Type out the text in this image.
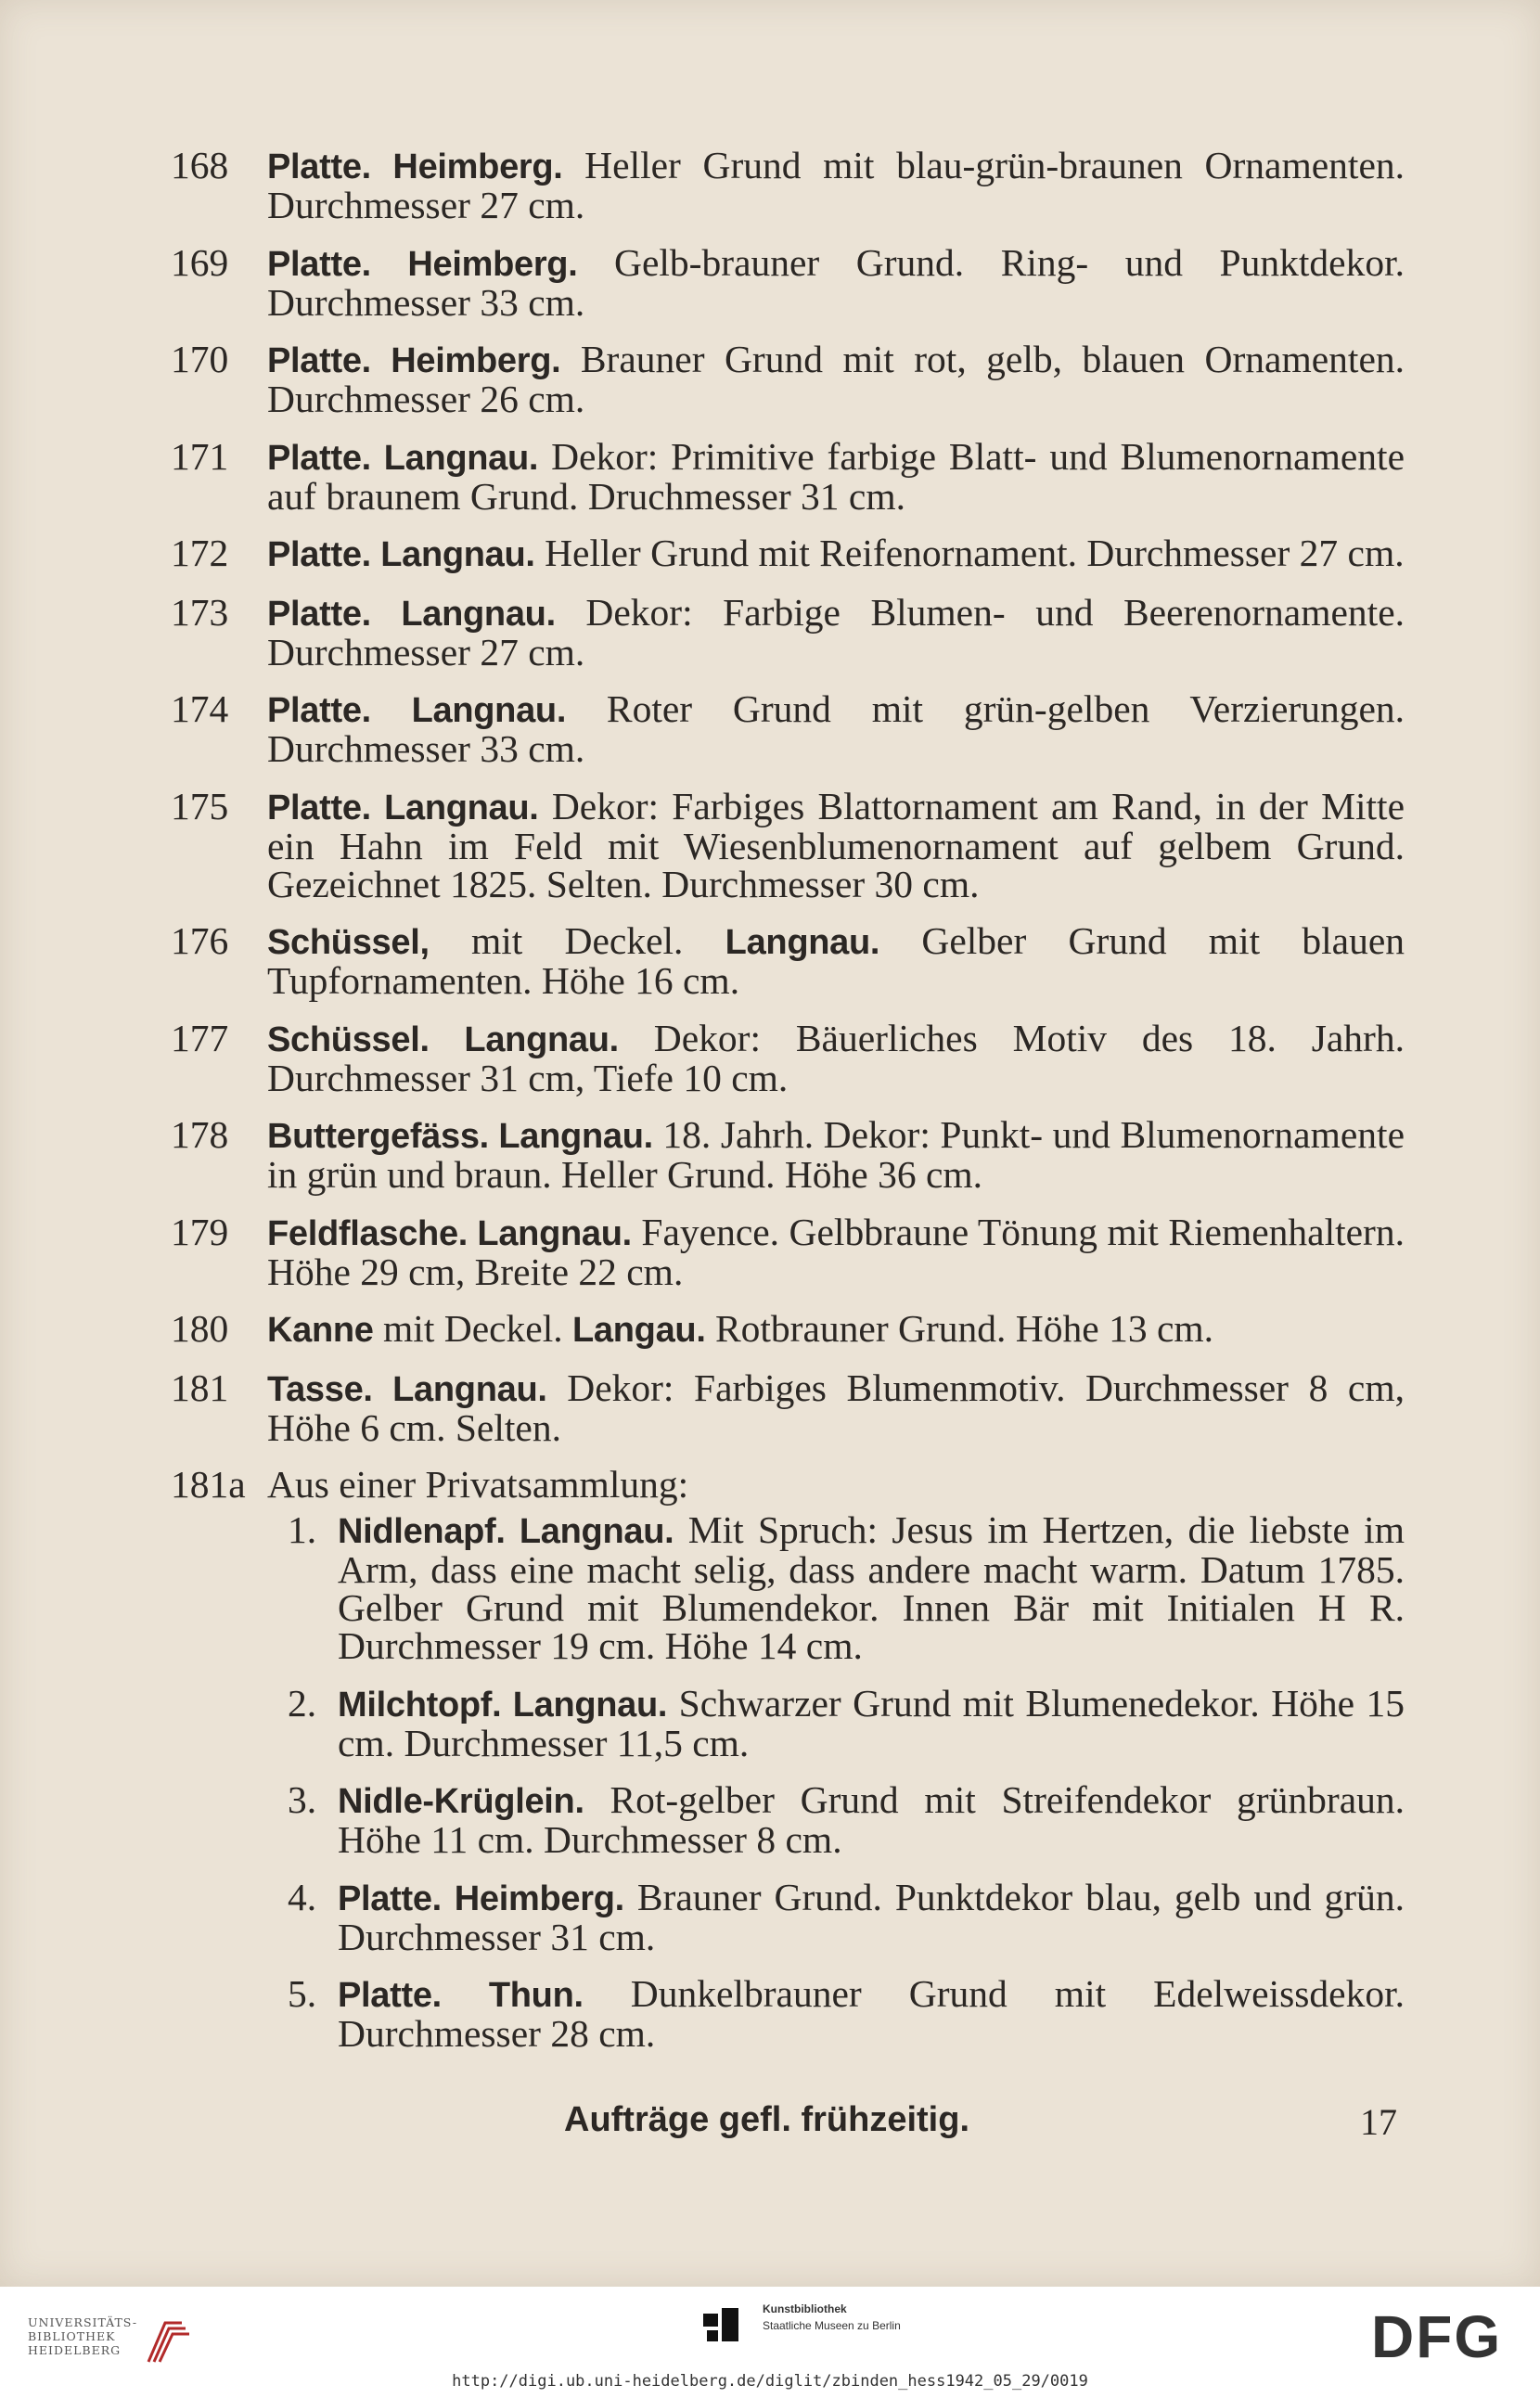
168	Platte. Heimberg. Heller Grund mit blau-grün-braunen Ornamenten. Durchmesser 27 cm.
169	Platte. Heimberg. Gelb-brauner Grund. Ring- und Punktdekor. Durchmesser 33 cm.
170	Platte. Heimberg. Brauner Grund mit rot, gelb, blauen Ornamenten. Durchmesser 26 cm.
171	Platte. Langnau. Dekor: Primitive farbige Blatt- und Blumenornamente auf braunem Grund. Druchmesser 31 cm.
172	Platte. Langnau. Heller Grund mit Reifenornament. Durchmesser 27 cm.
173	Platte. Langnau. Dekor: Farbige Blumen- und Beerenornamente. Durchmesser 27 cm.
174	Platte. Langnau. Roter Grund mit grün-gelben Verzierungen. Durchmesser 33 cm.
175	Platte. Langnau. Dekor: Farbiges Blattornament am Rand, in der Mitte ein Hahn im Feld mit Wiesenblumenornament auf gelbem Grund. Gezeichnet 1825. Selten. Durchmesser 30 cm.
176	Schüssel, mit Deckel. Langnau. Gelber Grund mit blauen Tupfornamenten. Höhe 16 cm.
177	Schüssel. Langnau. Dekor: Bäuerliches Motiv des 18. Jahrh. Durchmesser 31 cm, Tiefe 10 cm.
178	Buttergefäss. Langnau. 18. Jahrh. Dekor: Punkt- und Blumenornamente in grün und braun. Heller Grund. Höhe 36 cm.
179	Feldflasche. Langnau. Fayence. Gelbbraune Tönung mit Riemenhaltern. Höhe 29 cm, Breite 22 cm.
180	Kanne mit Deckel. Langau. Rotbrauner Grund. Höhe 13 cm.
181	Tasse. Langnau. Dekor: Farbiges Blumenmotiv. Durchmesser 8 cm, Höhe 6 cm. Selten.
181a Aus einer Privatsammlung:
1. Nidlenapf. Langnau. Mit Spruch: Jesus im Hertzen, die liebste im Arm, dass eine macht selig, dass andere macht warm. Datum 1785. Gelber Grund mit Blumendekor. Innen Bär mit Initialen H R. Durchmesser 19 cm. Höhe 14 cm.
2. Milchtopf. Langnau. Schwarzer Grund mit Blumenedekor. Höhe 15 cm. Durchmesser 11,5 cm.
3. Nidle-Krüglein. Rot-gelber Grund mit Streifendekor grünbraun. Höhe 11 cm. Durchmesser 8 cm.
4. Platte. Heimberg. Brauner Grund. Punktdekor blau, gelb und grün. Durchmesser 31 cm.
5. Platte. Thun. Dunkelbrauner Grund mit Edelweissdekor. Durchmesser 28 cm.
Aufträge gefl. frühzeitig.	17
UNIVERSITÄTS-
BIBLIOTHEK
HEIDELBERG
Kunstbibliothek
Staatliche Museen zu Berlin	DFG
http://digi.ub.uni-heidelberg.de/diglit/zbinden_hess1942_05_29/0019
